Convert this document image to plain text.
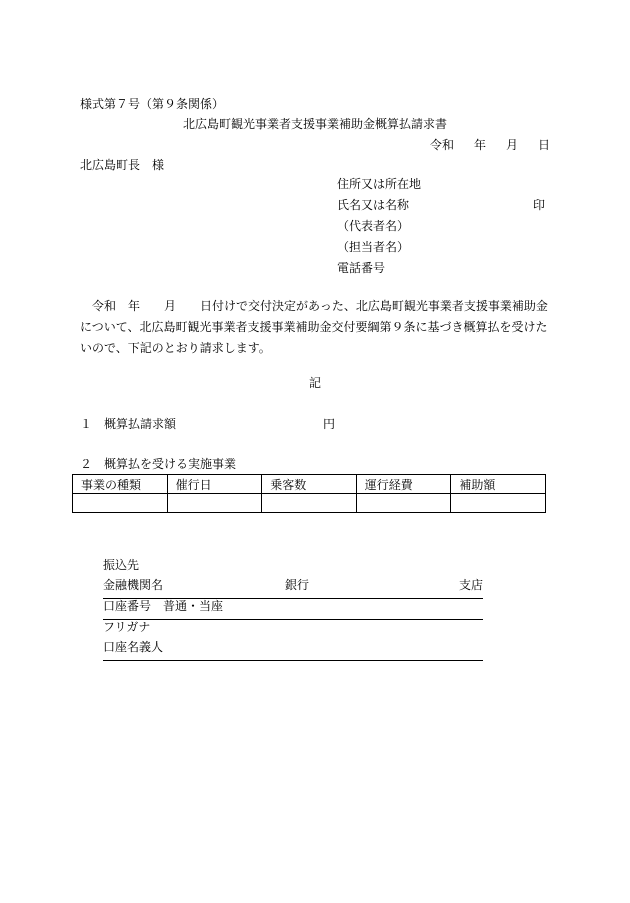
様式第７号（第９条関係）
北広島町観光事業者支援事業補助金概算払請求書
令和 年 月 日
北広島町長　様
住所又は所在地
氏名又は名称	印
（代表者名）
（担当者名）
電話番号
令和　年　　月　　日付けで交付決定があった、北広島町観光事業者支援事業補助金について、北広島町観光事業者支援事業補助金交付要綱第９条に基づき概算払を受けたいので、下記のとおり請求します。
記
１　概算払請求額	円
２　概算払を受ける実施事業
事業の種類	催行日	乗客数	運行経費	補助額

振込先
金融機関名	銀行	支店
口座番号　普通・当座
フリガナ
口座名義人
